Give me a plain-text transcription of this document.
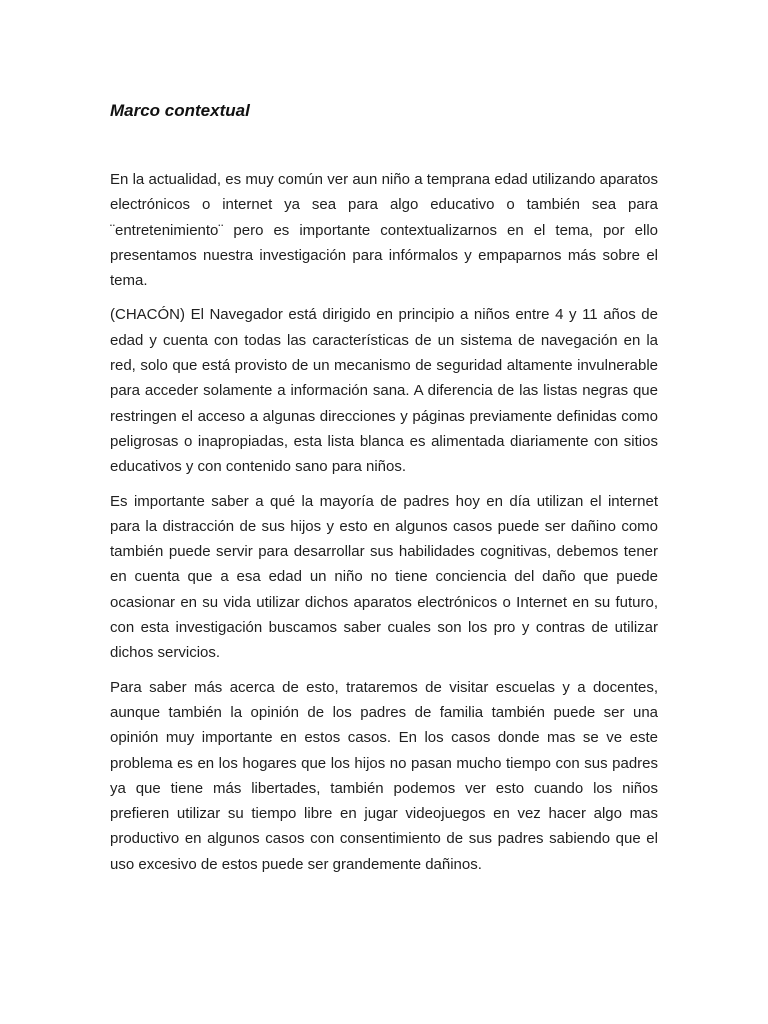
Marco contextual

En la actualidad, es muy común ver aun niño a temprana edad utilizando aparatos electrónicos o internet ya sea para algo educativo o también sea para ¨entretenimiento¨ pero es importante contextualizarnos en el tema, por ello presentamos nuestra investigación para infórmalos y empaparnos más sobre el tema.

(CHACÓN) El Navegador está dirigido en principio a niños entre 4 y 11 años de edad y cuenta con todas las características de un sistema de navegación en la red, solo que está provisto de un mecanismo de seguridad altamente invulnerable para acceder solamente a información sana. A diferencia de las listas negras que restringen el acceso a algunas direcciones y páginas previamente definidas como peligrosas o inapropiadas, esta lista blanca es alimentada diariamente con sitios educativos y con contenido sano para niños.

Es importante saber a qué la mayoría de padres hoy en día utilizan el internet para la distracción de sus hijos y esto en algunos casos puede ser dañino como también puede servir para desarrollar sus habilidades cognitivas, debemos tener en cuenta que a esa edad un niño no tiene conciencia del daño que puede ocasionar en su vida utilizar dichos aparatos electrónicos o Internet en su futuro, con esta investigación buscamos saber cuales son los pro y contras de utilizar dichos servicios.

Para saber más acerca de esto, trataremos de visitar escuelas y a docentes, aunque también la opinión de los padres de familia también puede ser una opinión muy importante en estos casos. En los casos donde mas se ve este problema es en los hogares que los hijos no pasan mucho tiempo con sus padres ya que tiene más libertades, también podemos ver esto cuando los niños prefieren utilizar su tiempo libre en jugar videojuegos en vez hacer algo mas productivo en algunos casos con consentimiento de sus padres sabiendo que el uso excesivo de estos puede ser grandemente dañinos.
